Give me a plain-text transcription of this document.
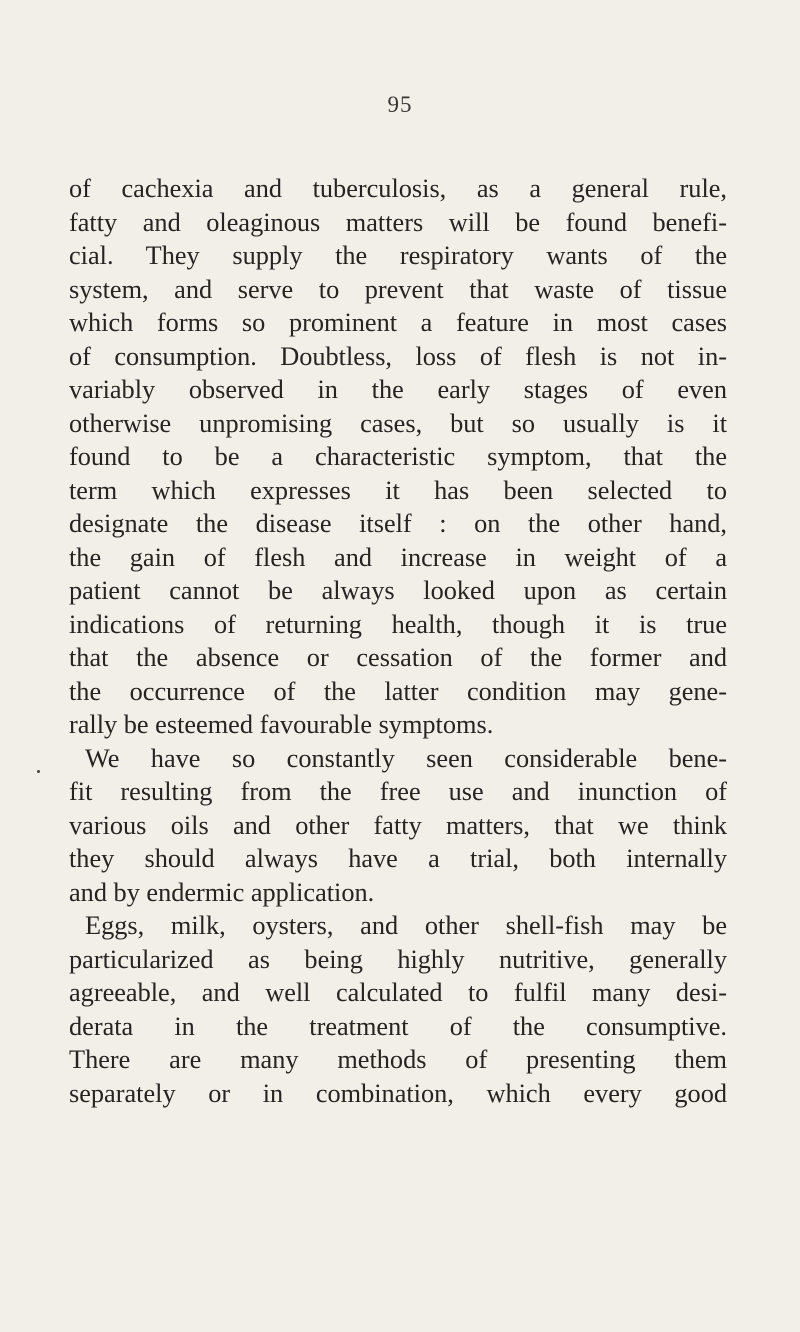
95
of cachexia and tuberculosis, as a general rule,
fatty and oleaginous matters will be found benefi-
cial. They supply the respiratory wants of the
system, and serve to prevent that waste of tissue
which forms so prominent a feature in most cases
of consumption. Doubtless, loss of flesh is not in-
variably observed in the early stages of even
otherwise unpromising cases, but so usually is it
found to be a characteristic symptom, that the
term which expresses it has been selected to
designate the disease itself : on the other hand,
the gain of flesh and increase in weight of a
patient cannot be always looked upon as certain
indications of returning health, though it is true
that the absence or cessation of the former and
the occurrence of the latter condition may gene-
rally be esteemed favourable symptoms.
We have so constantly seen considerable bene-
fit resulting from the free use and inunction of
various oils and other fatty matters, that we think
they should always have a trial, both internally
and by endermic application.
Eggs, milk, oysters, and other shell-fish may be
particularized as being highly nutritive, generally
agreeable, and well calculated to fulfil many desi-
derata in the treatment of the consumptive.
There are many methods of presenting them
separately or in combination, which every good
